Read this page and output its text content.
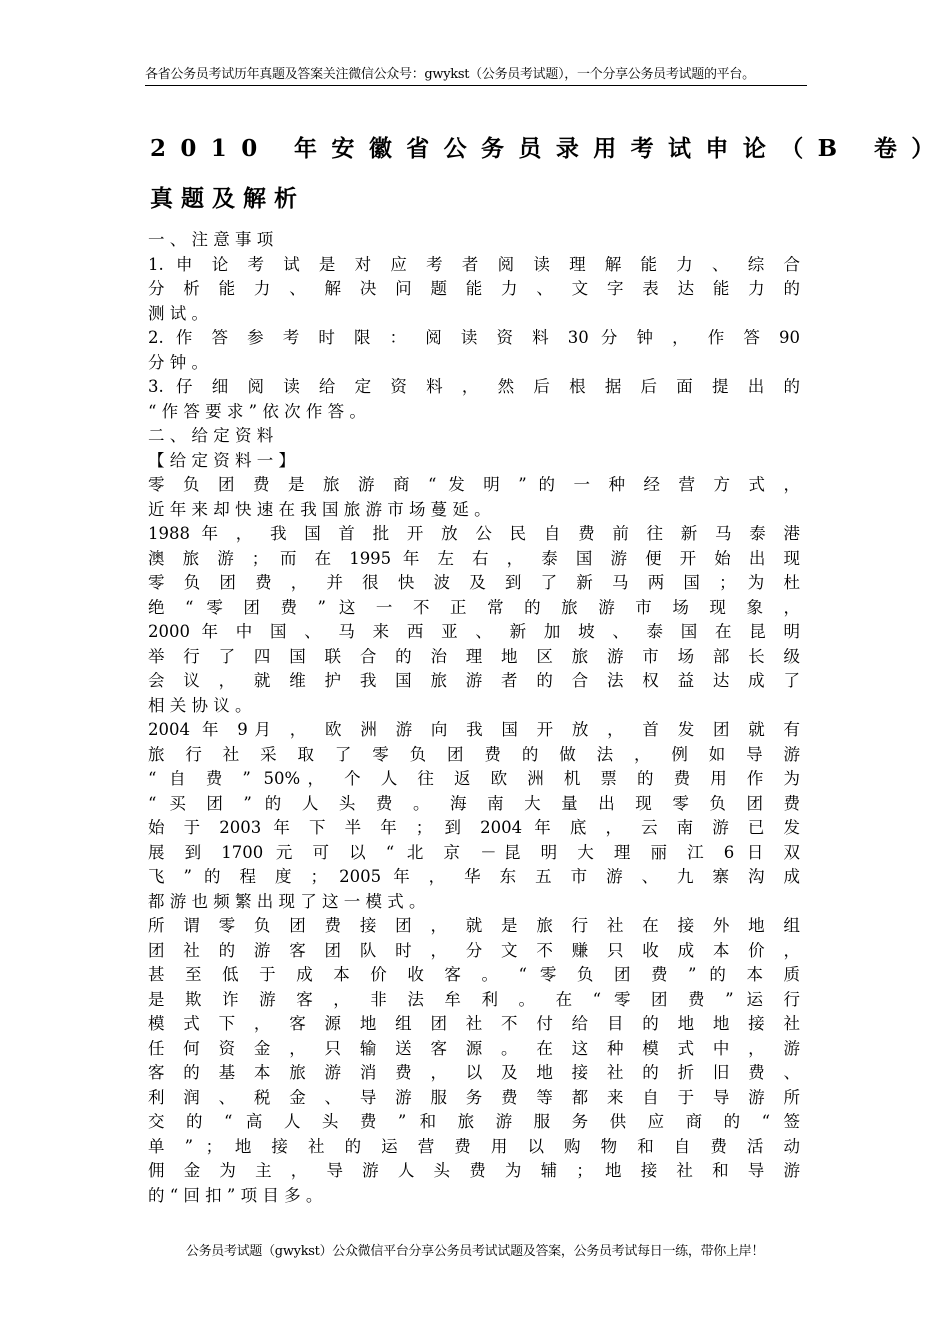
各省公务员考试历年真题及答案关注微信公众号：gwykst（公务员考试题），一个分享公务员考试题的平台。
2010 年安徽省公务员录用考试申论（B 卷）
真题及解析
一 、 注 意 事 项
1. 申 论 考 试 是 对 应 考 者 阅 读 理 解 能 力 、 综 合
分 析 能 力 、 解 决 问 题 能 力 、 文 字 表 达 能 力 的
测 试 。
2. 作 答 参 考 时 限 ： 阅 读 资 料 30 分 钟 ， 作 答 90
分 钟 。
3. 仔 细 阅 读 给 定 资 料 ， 然 后 根 据 后 面 提 出 的
“ 作 答 要 求 ” 依 次 作 答 。
二 、 给 定 资 料
【 给 定 资 料 一 】
零 负 团 费 是 旅 游 商 “ 发 明 ” 的 一 种 经 营 方 式 ，
近 年 来 却 快 速 在 我 国 旅 游 市 场 蔓 延 。
1988 年 ， 我 国 首 批 开 放 公 民 自 费 前 往 新 马 泰 港
澳 旅 游 ； 而 在 1995 年 左 右 ， 泰 国 游 便 开 始 出 现
零 负 团 费 ， 并 很 快 波 及 到 了 新 马 两 国 ； 为 杜
绝 “ 零 团 费 ” 这 一 不 正 常 的 旅 游 市 场 现 象 ，
2000 年 中 国 、 马 来 西 亚 、 新 加 坡 、 泰 国 在 昆 明
举 行 了 四 国 联 合 的 治 理 地 区 旅 游 市 场 部 长 级
会 议 ， 就 维 护 我 国 旅 游 者 的 合 法 权 益 达 成 了
相 关 协 议 。
2004 年 9月 ， 欧 洲 游 向 我 国 开 放 ， 首 发 团 就 有
旅 行 社 采 取 了 零 负 团 费 的 做 法 ， 例 如 导 游
“ 自 费 ” 50%， 个 人 往 返 欧 洲 机 票 的 费 用 作 为
“ 买 团 ” 的 人 头 费 。 海 南 大 量 出 现 零 负 团 费
始 于 2003 年 下 半 年 ； 到 2004 年 底 ， 云 南 游 已 发
展 到 1700 元 可 以 “ 北 京 －昆 明 大 理 丽 江 6 日 双
飞 ” 的 程 度 ； 2005 年 ， 华 东 五 市 游 、 九 寨 沟 成
都 游 也 频 繁 出 现 了 这 一 模 式 。
所 谓 零 负 团 费 接 团 ， 就 是 旅 行 社 在 接 外 地 组
团 社 的 游 客 团 队 时 ， 分 文 不 赚 只 收 成 本 价 ，
甚 至 低 于 成 本 价 收 客 。 “ 零 负 团 费 ” 的 本 质
是 欺 诈 游 客 ， 非 法 牟 利 。 在 “ 零 团 费 ” 运 行
模 式 下 ， 客 源 地 组 团 社 不 付 给 目 的 地 地 接 社
任 何 资 金 ， 只 输 送 客 源 。 在 这 种 模 式 中 ， 游
客 的 基 本 旅 游 消 费 ， 以 及 地 接 社 的 折 旧 费 、
利 润 、 税 金 、 导 游 服 务 费 等 都 来 自 于 导 游 所
交 的 “ 高 人 头 费 ” 和 旅 游 服 务 供 应 商 的 “ 签
单 ” ； 地 接 社 的 运 营 费 用 以 购 物 和 自 费 活 动
佣 金 为 主 ， 导 游 人 头 费 为 辅 ； 地 接 社 和 导 游
的 “ 回 扣 ” 项 目 多 。
公务员考试题（gwykst）公众微信平台分享公务员考试试题及答案，公务员考试每日一练，带你上岸！
